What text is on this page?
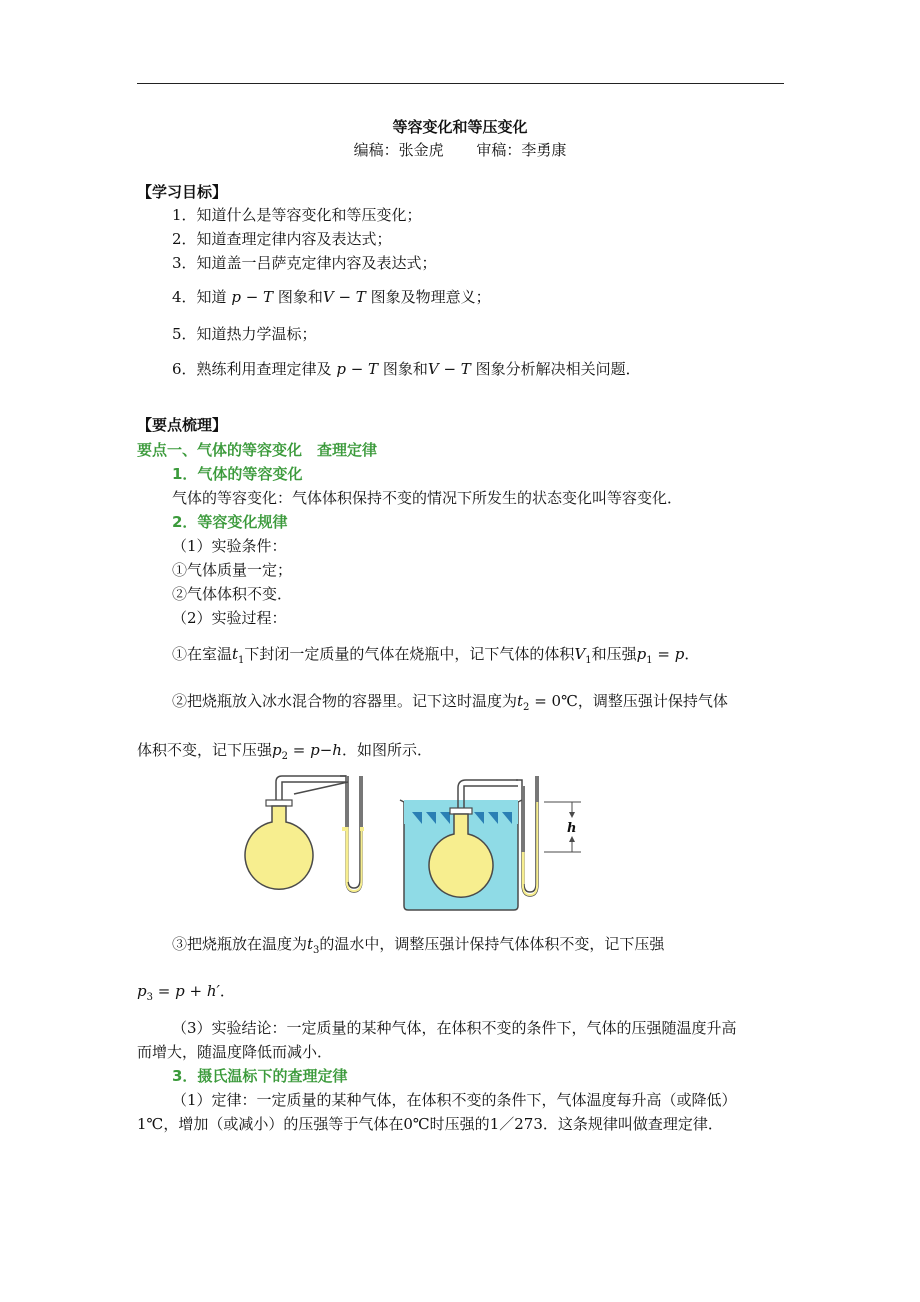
等容变化和等压变化
编稿：张金虎 审稿：李勇康
【学习目标】
1．知道什么是等容变化和等压变化；
2．知道查理定律内容及表达式；
3．知道盖一吕萨克定律内容及表达式；
4．知道 p − T 图象和V − T 图象及物理意义；
5．知道热力学温标；
6．熟练利用查理定律及 p − T 图象和V − T 图象分析解决相关问题．
【要点梳理】
要点一、气体的等容变化　查理定律
1．气体的等容变化
气体的等容变化：气体体积保持不变的情况下所发生的状态变化叫等容变化．
2．等容变化规律
（1）实验条件：
①气体质量一定；
②气体体积不变．
（2）实验过程：
①在室温$t_1$下封闭一定质量的气体在烧瓶中，记下气体的体积$V_1$和压强$p_1 = p$．
②把烧瓶放入冰水混合物的容器里。记下这时温度为$t_2$ = 0℃，调整压强计保持气体
体积不变，记下压强$p_2 = p-h$．如图所示．
h
③把烧瓶放在温度为$t_3$的温水中，调整压强计保持气体体积不变，记下压强
$p_3 = p + h'$．
（3）实验结论：一定质量的某种气体，在体积不变的条件下，气体的压强随温度升高
而增大，随温度降低而减小．
3．摄氏温标下的查理定律
（1）定律：一定质量的某种气体，在体积不变的条件下，气体温度每升高（或降低）
1℃，增加（或减小）的压强等于气体在0℃时压强的1／273．这条规律叫做查理定律．
